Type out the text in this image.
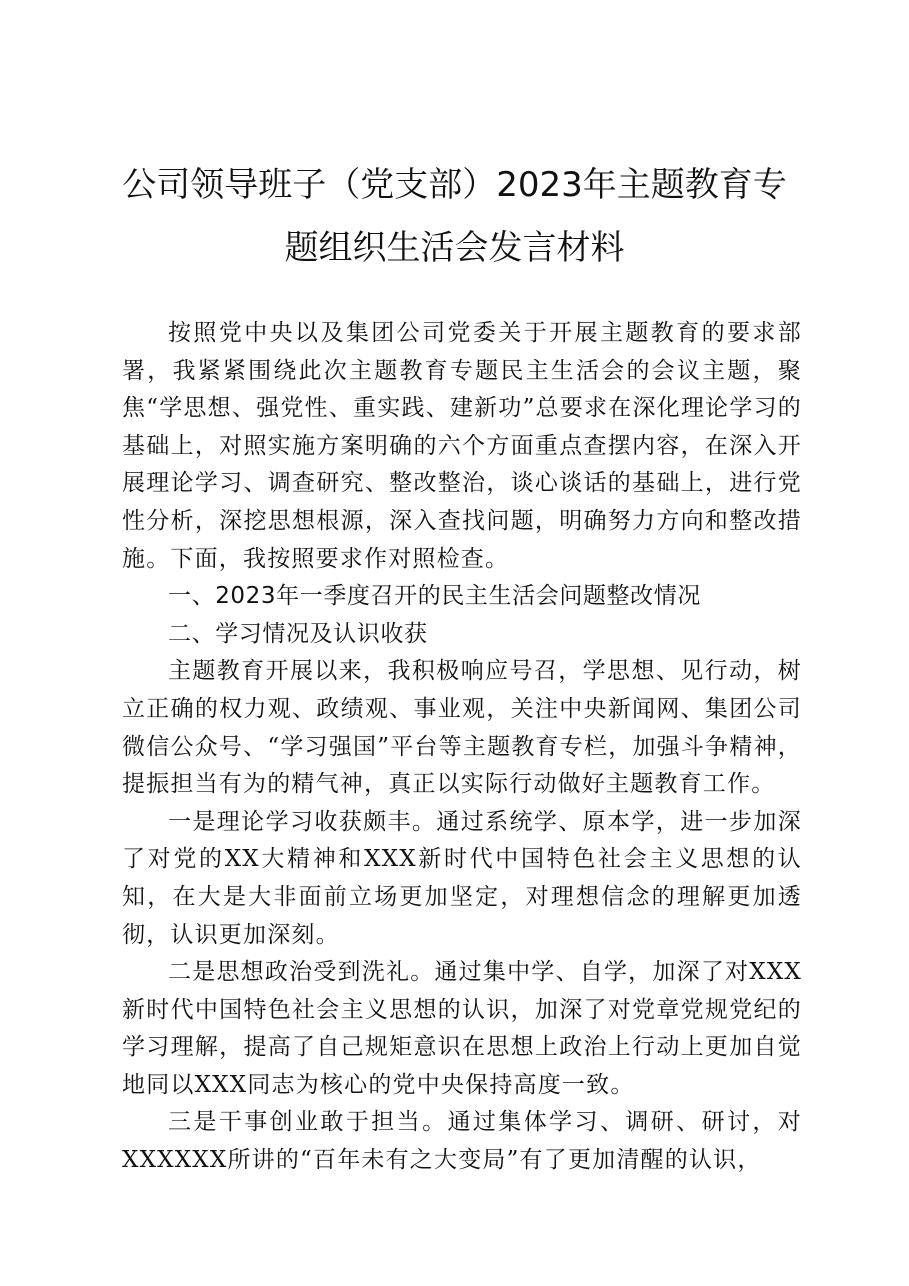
公司领导班子（党支部）2023年主题教育专
题组织生活会发言材料

按照党中央以及集团公司党委关于开展主题教育的要求部署，我紧紧围绕此次主题教育专题民主生活会的会议主题，聚焦“学思想、强党性、重实践、建新功”总要求在深化理论学习的基础上，对照实施方案明确的六个方面重点查摆内容，在深入开展理论学习、调查研究、整改整治，谈心谈话的基础上，进行党性分析，深挖思想根源，深入查找问题，明确努力方向和整改措施。下面，我按照要求作对照检查。

一、2023年一季度召开的民主生活会问题整改情况

二、学习情况及认识收获

主题教育开展以来，我积极响应号召，学思想、见行动，树立正确的权力观、政绩观、事业观，关注中央新闻网、集团公司微信公众号、“学习强国”平台等主题教育专栏，加强斗争精神，提振担当有为的精气神，真正以实际行动做好主题教育工作。

一是理论学习收获颇丰。通过系统学、原本学，进一步加深了对党的XX大精神和XXX新时代中国特色社会主义思想的认知，在大是大非面前立场更加坚定，对理想信念的理解更加透彻，认识更加深刻。

二是思想政治受到洗礼。通过集中学、自学，加深了对XXX新时代中国特色社会主义思想的认识，加深了对党章党规党纪的学习理解，提高了自己规矩意识在思想上政治上行动上更加自觉地同以XXX同志为核心的党中央保持高度一致。

三是干事创业敢于担当。通过集体学习、调研、研讨，对XXXXXX所讲的“百年未有之大变局”有了更加清醒的认识，
